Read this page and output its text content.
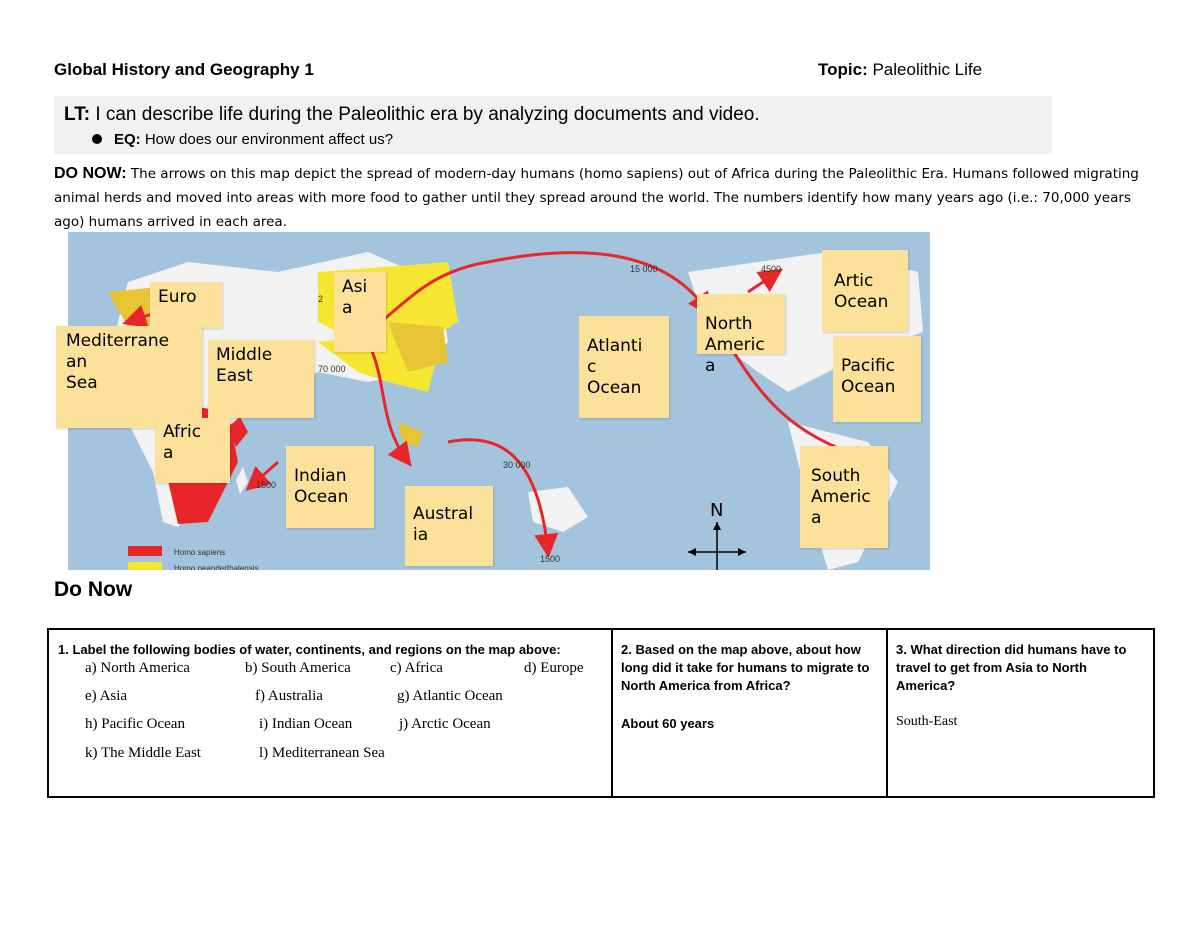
Global History and Geography 1	Topic: Paleolithic Life
LT: I can describe life during the Paleolithic era by analyzing documents and video.
EQ: How does our environment affect us?
DO NOW: The arrows on this map depict the spread of modern-day humans (homo sapiens) out of Africa during the Paleolithic Era. Humans followed migrating animal herds and moved into areas with more food to gather until they spread around the world. The numbers identify how many years ago (i.e.: 70,000 years ago) humans arrived in each area.
15 000	4500
70 000
30 000
1500
1500
2
Homo sapiens
Homo neanderthalensis
N
Euro	Asi
a
Mediterrane
an
Sea
Middle
East
Afric
a
Indian
Ocean
Austral
ia
Atlanti
c
Ocean
North
Americ
a
Artic
Ocean
Pacific
Ocean
South
Americ
a
Do Now
1. Label the following bodies of water, continents, and regions on the map above:
a) North America	b) South America	c) Africa	d) Europe
e) Asia	f) Australia	g) Atlantic Ocean
h) Pacific Ocean	i) Indian Ocean	j) Arctic Ocean
k) The Middle East	l) Mediterranean Sea
2. Based on the map above, about how long did it take for humans to migrate to North America from Africa?
About 60 years
3. What direction did humans have to travel to get from Asia to North America?
South-East
